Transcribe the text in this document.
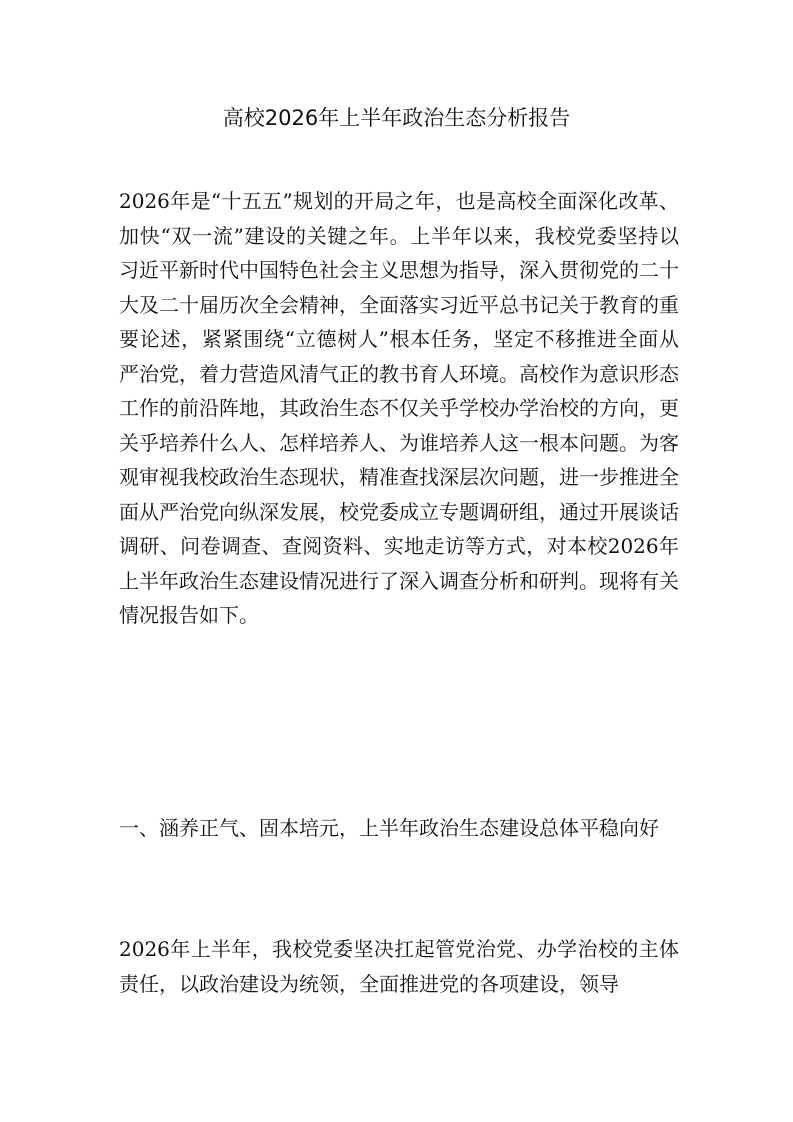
高校2026年上半年政治生态分析报告

2026年是“十五五”规划的开局之年，也是高校全面深化改革、加快“双一流”建设的关键之年。上半年以来，我校党委坚持以习近平新时代中国特色社会主义思想为指导，深入贯彻党的二十大及二十届历次全会精神，全面落实习近平总书记关于教育的重要论述，紧紧围绕“立德树人”根本任务，坚定不移推进全面从严治党，着力营造风清气正的教书育人环境。高校作为意识形态工作的前沿阵地，其政治生态不仅关乎学校办学治校的方向，更关乎培养什么人、怎样培养人、为谁培养人这一根本问题。为客观审视我校政治生态现状，精准查找深层次问题，进一步推进全面从严治党向纵深发展，校党委成立专题调研组，通过开展谈话调研、问卷调查、查阅资料、实地走访等方式，对本校2026年上半年政治生态建设情况进行了深入调查分析和研判。现将有关情况报告如下。

一、涵养正气、固本培元，上半年政治生态建设总体平稳向好

2026年上半年，我校党委坚决扛起管党治党、办学治校的主体责任，以政治建设为统领，全面推进党的各项建设，领导
